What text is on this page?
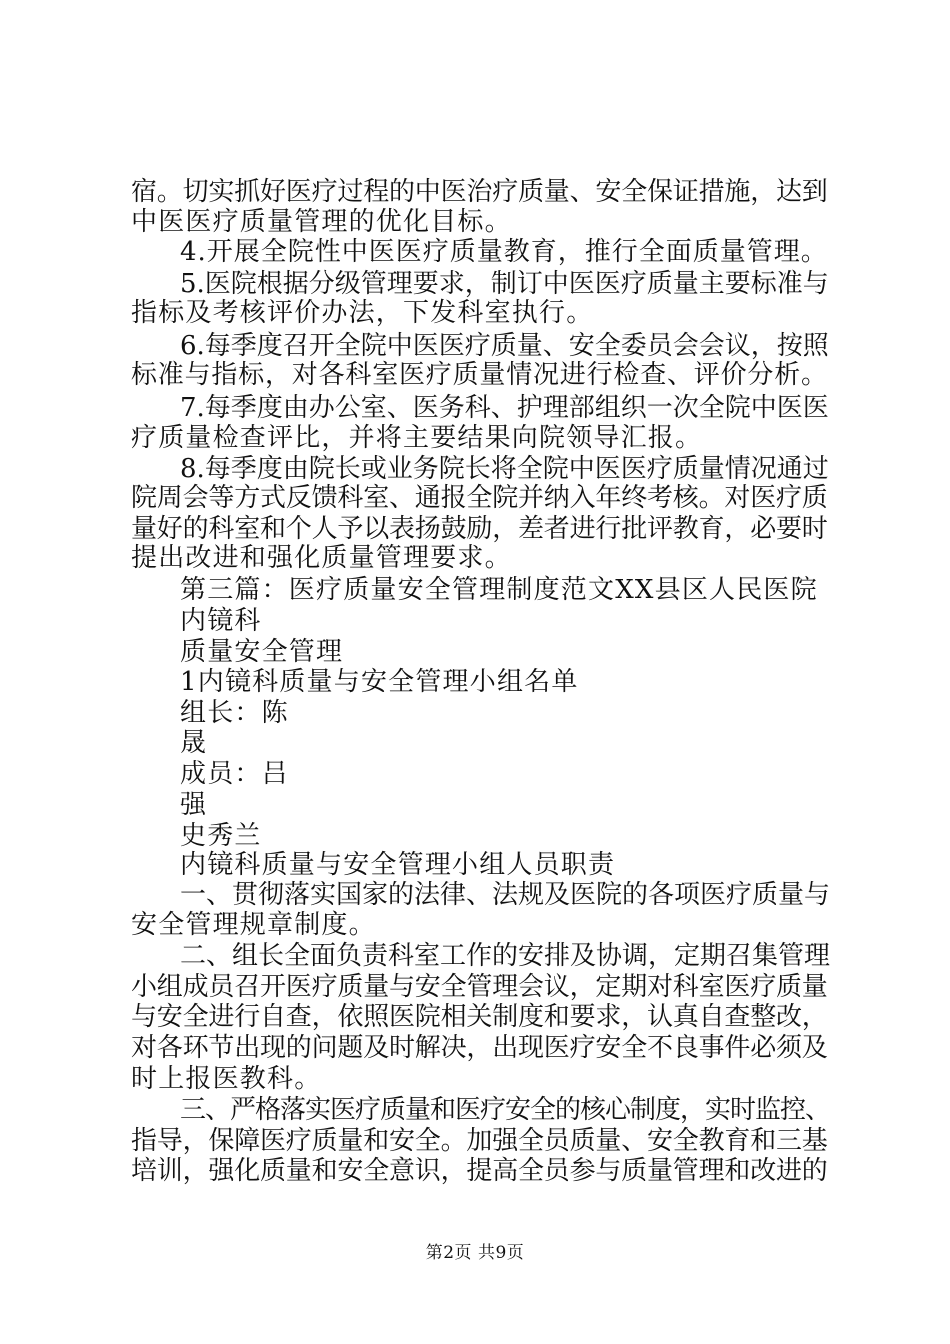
宿。切实抓好医疗过程的中医治疗质量、安全保证措施，达到
中医医疗质量管理的优化目标。
4.开展全院性中医医疗质量教育，推行全面质量管理。
5.医院根据分级管理要求，制订中医医疗质量主要标准与
指标及考核评价办法，下发科室执行。
6.每季度召开全院中医医疗质量、安全委员会会议，按照
标准与指标，对各科室医疗质量情况进行检查、评价分析。
7.每季度由办公室、医务科、护理部组织一次全院中医医
疗质量检查评比，并将主要结果向院领导汇报。
8.每季度由院长或业务院长将全院中医医疗质量情况通过
院周会等方式反馈科室、通报全院并纳入年终考核。对医疗质
量好的科室和个人予以表扬鼓励，差者进行批评教育，必要时
提出改进和强化质量管理要求。
第三篇：医疗质量安全管理制度范文XX县区人民医院
内镜科
质量安全管理
1内镜科质量与安全管理小组名单
组长：陈
晟
成员：吕
强
史秀兰
内镜科质量与安全管理小组人员职责
一、贯彻落实国家的法律、法规及医院的各项医疗质量与
安全管理规章制度。
二、组长全面负责科室工作的安排及协调，定期召集管理
小组成员召开医疗质量与安全管理会议，定期对科室医疗质量
与安全进行自查，依照医院相关制度和要求，认真自查整改，
对各环节出现的问题及时解决，出现医疗安全不良事件必须及
时上报医教科。
三、严格落实医疗质量和医疗安全的核心制度，实时监控、
指导，保障医疗质量和安全。加强全员质量、安全教育和三基
培训，强化质量和安全意识，提高全员参与质量管理和改进的
第2页 共9页
